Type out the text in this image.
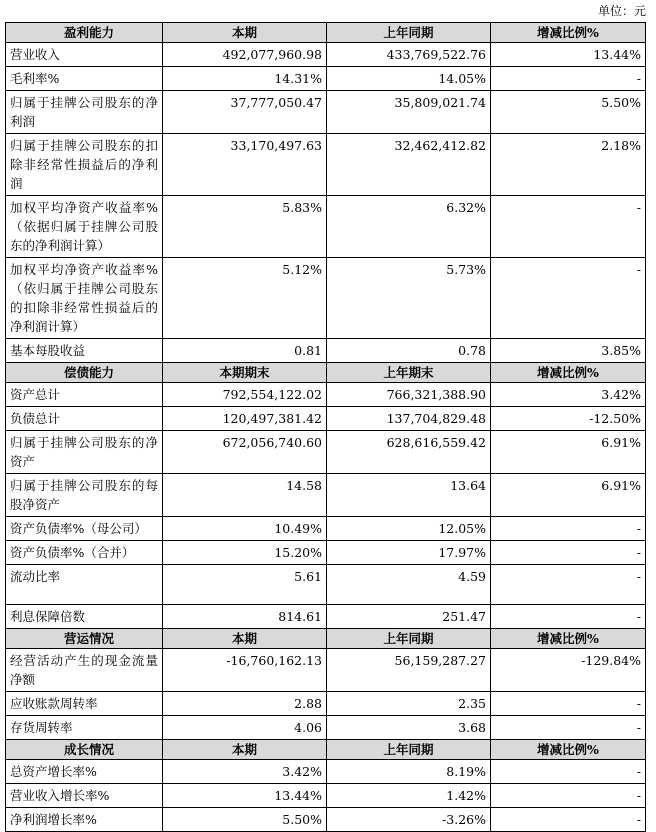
单位：元
盈利能力	本期	上年同期	增减比例%
营业收入	492,077,960.98	433,769,522.76	13.44%
毛利率%	14.31%	14.05%	-
归属于挂牌公司股东的净利润	37,777,050.47	35,809,021.74	5.50%
归属于挂牌公司股东的扣除非经常性损益后的净利润	33,170,497.63	32,462,412.82	2.18%
加权平均净资产收益率%（依据归属于挂牌公司股东的净利润计算）	5.83%	6.32%	-
加权平均净资产收益率%（依归属于挂牌公司股东的扣除非经常性损益后的净利润计算）	5.12%	5.73%	-
基本每股收益	0.81	0.78	3.85%
偿债能力	本期期末	上年期末	增减比例%
资产总计	792,554,122.02	766,321,388.90	3.42%
负债总计	120,497,381.42	137,704,829.48	-12.50%
归属于挂牌公司股东的净资产	672,056,740.60	628,616,559.42	6.91%
归属于挂牌公司股东的每股净资产	14.58	13.64	6.91%
资产负债率%（母公司）	10.49%	12.05%	-
资产负债率%（合并）	15.20%	17.97%	-
流动比率	5.61	4.59	-
利息保障倍数	814.61	251.47	-
营运情况	本期	上年同期	增减比例%
经营活动产生的现金流量净额	-16,760,162.13	56,159,287.27	-129.84%
应收账款周转率	2.88	2.35	-
存货周转率	4.06	3.68	-
成长情况	本期	上年同期	增减比例%
总资产增长率%	3.42%	8.19%	-
营业收入增长率%	13.44%	1.42%	-
净利润增长率%	5.50%	-3.26%	-
